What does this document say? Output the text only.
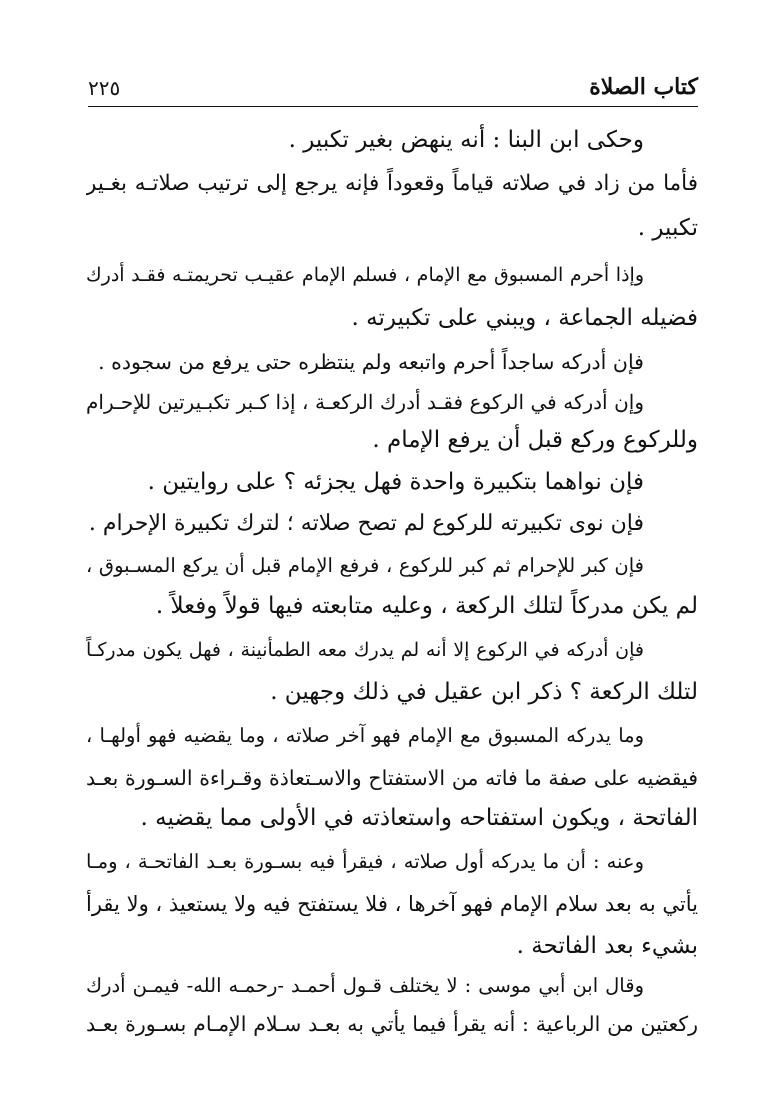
كتاب الصلاة
٢٢٥
وحكى ابن البنا : أنه ينهض بغير تكبير .
فأما من زاد في صلاته قياماً وقعوداً فإنه يرجع إلى ترتيب صلاتـه بغـير
تكبير .
وإذا أحرم المسبوق مع الإمام ، فسلم الإمام عقيـب تحريمتـه فقـد أدرك
فضيله الجماعة ، ويبني على تكبيرته .
فإن أدركه ساجداً أحرم واتبعه ولم ينتظره حتى يرفع من سجوده .
وإن أدركه في الركوع فقـد أدرك الركعـة ، إذا كـبر تكبـيرتين للإحـرام
وللركوع وركع قبل أن يرفع الإمام .
فإن نواهما بتكبيرة واحدة فهل يجزئه ؟ على روايتين .
فإن نوى تكبيرته للركوع لم تصح صلاته ؛ لترك تكبيرة الإحرام .
فإن كبر للإحرام ثم كبر للركوع ، فرفع الإمام قبل أن يركع المسـبوق ،
لم يكن مدركاً لتلك الركعة ، وعليه متابعته فيها قولاً وفعلاً .
فإن أدركه في الركوع إلا أنه لم يدرك معه الطمأنينة ، فهل يكون مدركـاً
لتلك الركعة ؟ ذكر ابن عقيل في ذلك وجهين .
وما يدركه المسبوق مع الإمام فهو آخر صلاته ، وما يقضيه فهو أولهـا ،
فيقضيه على صفة ما فاته من الاستفتاح والاسـتعاذة وقـراءة السـورة بعـد
الفاتحة ، ويكون استفتاحه واستعاذته في الأولى مما يقضيه .
وعنه : أن ما يدركه أول صلاته ، فيقرأ فيه بسـورة بعـد الفاتحـة ، ومـا
يأتي به بعد سلام الإمام فهو آخرها ، فلا يستفتح فيه ولا يستعيذ ، ولا يقرأ
بشيء بعد الفاتحة .
وقال ابن أبي موسى : لا يختلف قـول أحمـد -رحمـه الله- فيمـن أدرك
ركعتين من الرباعية : أنه يقرأ فيما يأتي به بعـد سـلام الإمـام بسـورة بعـد
